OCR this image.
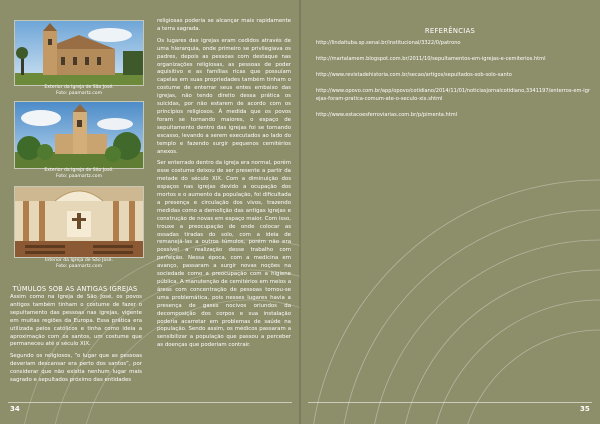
Exterior da Igreja de São José.
Foto: paamartz.com
Exterior da Igreja de São José.
Foto: paamartz.com
Interior da Igreja de São José.
Foto: paamartz.com
TÚMULOS SOB AS ANTIGAS IGREJAS

Assim como na Igreja de São José, os povos antigos também tinham o costume de fazer o sepultamento das pessoas nas igrejas, vigente em muitas regiões da Europa. Essa prática era utilizada pelos católicos e tinha como ideia a aproximação com os santos, um costume que permaneceu até o século XIX.

Segundo os religiosos, “o lugar que as pessoas deveriam descansar era perto dos santos”, por considerar que não existia nenhum lugar mais sagrado e sepultados próximo das entidades

religiosas poderia se alcançar mais rapidamente a terra sagrada.

Os lugares das igrejas eram cedidos através de uma hierarquia, onde primeiro se privilegiava os padres, depois as pessoas com destaque nas organizações religiosas, as pessoas de poder aquisitivo e as famílias ricas que possuíam capelas em suas propriedades também tinham o costume de enterrar seus entes embaixo das igrejas, não tendo direito dessa prática os suicidas, por não estarem de acordo com os princípios religiosos. À medida que os povos foram se tornando maiores, o espaço de sepultamento dentro das igrejas foi se tornando escasso, levando a serem executados ao lado do templo e fazendo surgir pequenos cemitérios anexos.

Ser enterrado dentro da igreja era normal, porém esse costume deixou de ser presente a partir da metade do século XIX. Com a diminuição dos espaços nas igrejas devido a ocupação dos mortos e o aumento da população, foi dificultada a presença e circulação dos vivos, trazendo medidas como a demolição das antigas igrejas e construção de novas em espaço maior. Com isso, trouxe a preocupação de onde colocar as ossadas tiradas do solo, com a ideia de remanejá-las a outros túmulos, porém não era possível a realização desse trabalho com perfeição. Nessa época, com a medicina em avanço, passaram a surgir novas noções na sociedade como a preocupação com a higiene pública. A manutenção de cemitérios em meios a áreas com concentração de pessoas tornou-se uma problemática, pois nesses lugares havia a presença de gases nocivos oriundos da decomposição dos corpos e sua instalação poderia acarretar em problemas de saúde na população. Sendo assim, os médicos passaram a sensibilizar a população que passou a perceber as doenças que poderiam contrair.

34
REFERÊNCIAS
http://lindaituba.sp.senai.br/institucional/3322/0/patrono
http://martalamem.blogspot.com.br/2011/10/sepultamentos-em-igrejas-e-cemiterios.html
http://www.revistadehistoria.com.br/secao/artigos/sepultados-sob-solo-santo
http://www.opovo.com.br/app/opovo/cotidiano/2014/11/01/noticiasjornalcotidiano,3341197/enterros-em-igrejas-foram-pratica-comum-ate-o-seculo-xix.shtml
http://www.estacoesferroviarias.com.br/p/pimenta.html
35
